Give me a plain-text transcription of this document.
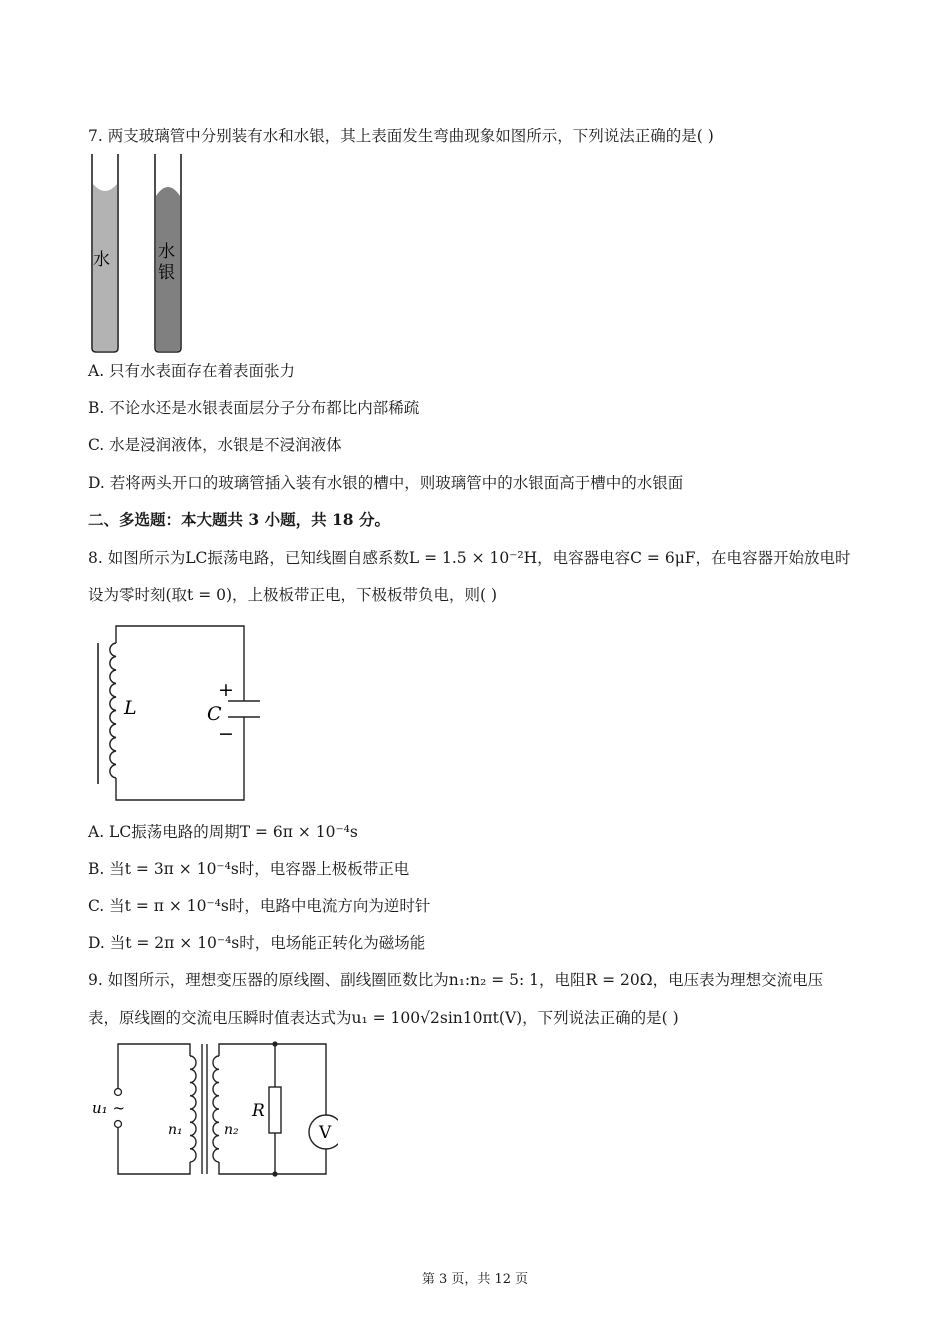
7. 两支玻璃管中分别装有水和水银，其上表面发生弯曲现象如图所示，下列说法正确的是( )
水	水
银
A. 只有水表面存在着表面张力
B. 不论水还是水银表面层分子分布都比内部稀疏
C. 水是浸润液体，水银是不浸润液体
D. 若将两头开口的玻璃管插入装有水银的槽中，则玻璃管中的水银面高于槽中的水银面
二、多选题：本大题共 3 小题，共 18 分。
8. 如图所示为LC振荡电路，已知线圈自感系数L = 1.5 × 10⁻²H，电容器电容C = 6μF，在电容器开始放电时
设为零时刻(取t = 0)，上极板带正电，下极板带负电，则( )
L	C
+
−
A. LC振荡电路的周期T = 6π × 10⁻⁴s
B. 当t = 3π × 10⁻⁴s时，电容器上极板带正电
C. 当t = π × 10⁻⁴s时，电路中电流方向为逆时针
D. 当t = 2π × 10⁻⁴s时，电场能正转化为磁场能
9. 如图所示，理想变压器的原线圈、副线圈匝数比为n₁:n₂ = 5: 1，电阻R = 20Ω，电压表为理想交流电压
表，原线圈的交流电压瞬时值表达式为u₁ = 100√2sin10πt(V)，下列说法正确的是( )
V
R
u₁ ~
n₁	n₂
第 3 页，共 12 页
